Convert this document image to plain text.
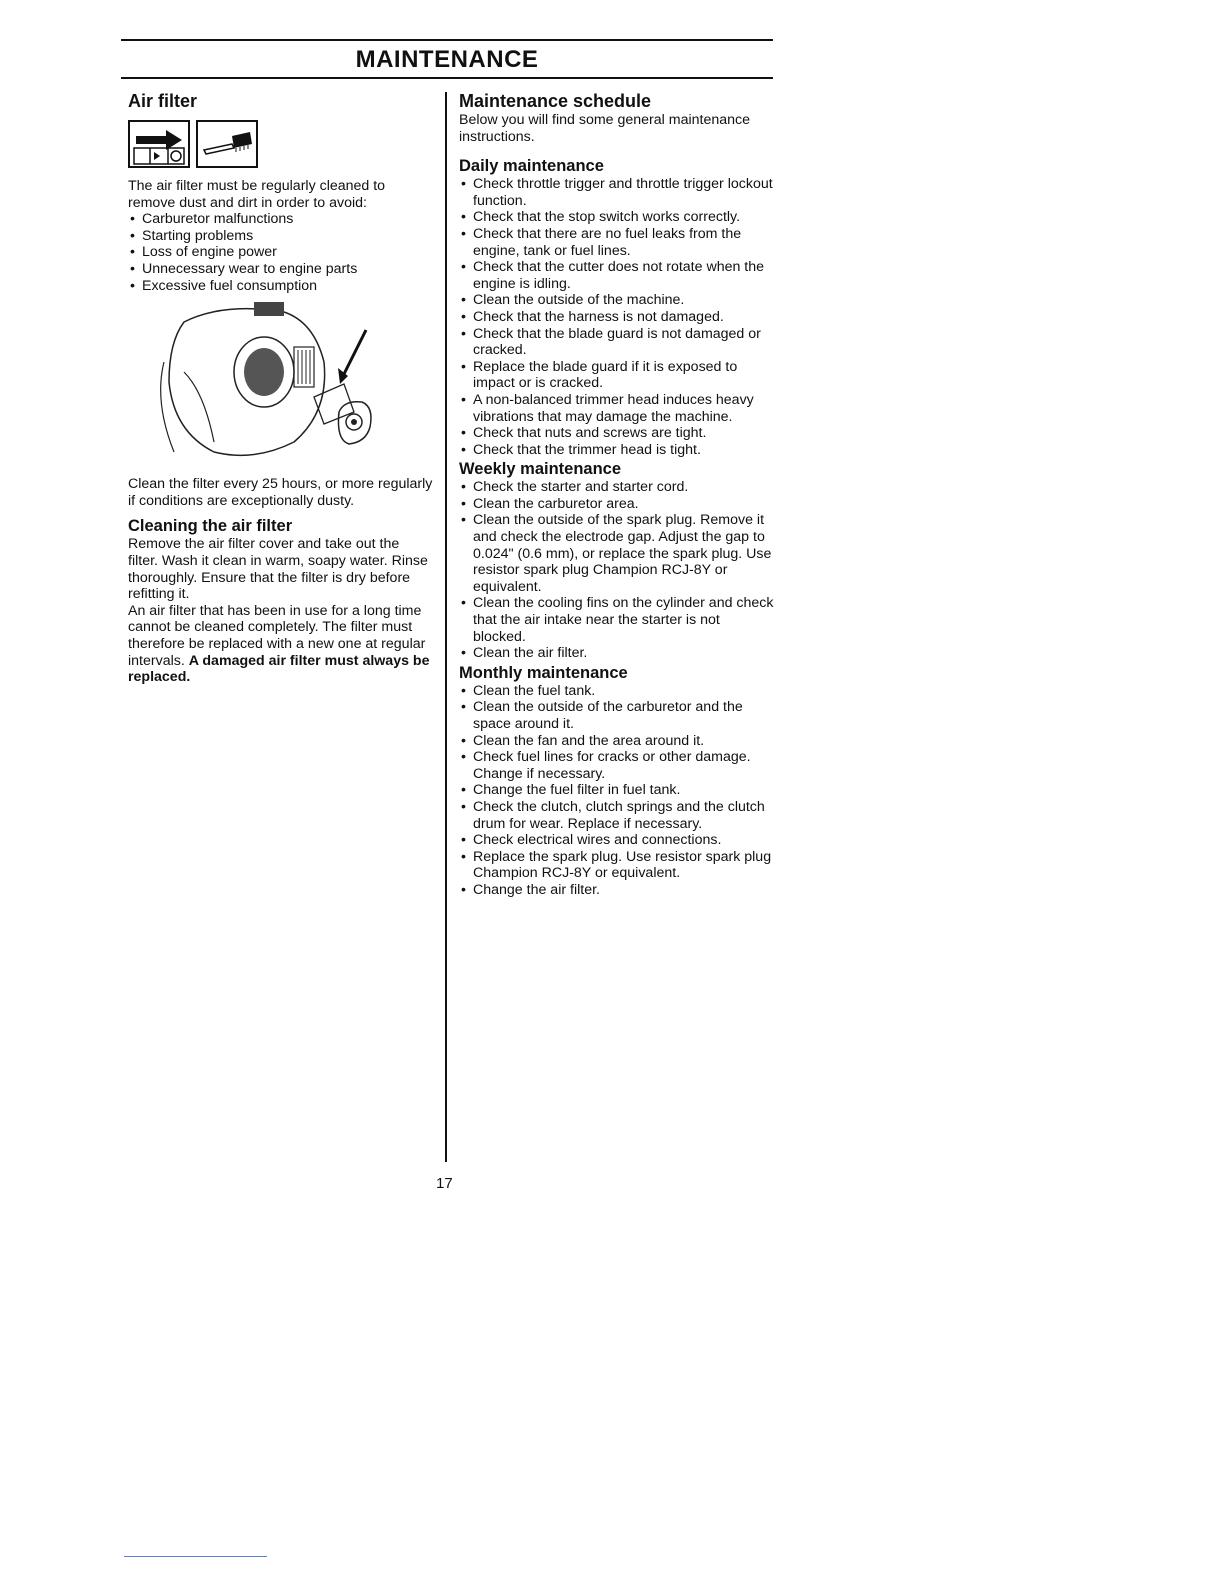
MAINTENANCE
Air filter

The air filter must be regularly cleaned to remove dust and dirt in order to avoid:

• Carburetor malfunctions
• Starting problems
• Loss of engine power
• Unnecessary wear to engine parts
• Excessive fuel consumption

Clean the filter every 25 hours, or more regularly if conditions are exceptionally dusty.

Cleaning the air filter

Remove the air filter cover and take out the filter. Wash it clean in warm, soapy water. Rinse thoroughly. Ensure that the filter is dry before refitting it.

An air filter that has been in use for a long time cannot be cleaned completely. The filter must therefore be replaced with a new one at regular intervals. A damaged air filter must always be replaced.

Maintenance schedule

Below you will find some general maintenance instructions.

Daily maintenance
• Check throttle trigger and throttle trigger lockout function.
• Check that the stop switch works correctly.
• Check that there are no fuel leaks from the engine, tank or fuel lines.
• Check that the cutter does not rotate when the engine is idling.
• Clean the outside of the machine.
• Check that the harness is not damaged.
• Check that the blade guard is not damaged or cracked.
• Replace the blade guard if it is exposed to impact or is cracked.
• A non-balanced trimmer head induces heavy vibrations that may damage the machine.
• Check that nuts and screws are tight.
• Check that the trimmer head is tight.
Weekly maintenance
• Check the starter and starter cord.
• Clean the carburetor area.
• Clean the outside of the spark plug. Remove it and check the electrode gap. Adjust the gap to 0.024" (0.6 mm), or replace the spark plug. Use resistor spark plug Champion RCJ-8Y or equivalent.
• Clean the cooling fins on the cylinder and check that the air intake near the starter is not blocked.
• Clean the air filter.
Monthly maintenance
• Clean the fuel tank.
• Clean the outside of the carburetor and the space around it.
• Clean the fan and the area around it.
• Check fuel lines for cracks or other damage. Change if necessary.
• Change the fuel filter in fuel tank.
• Check the clutch, clutch springs and the clutch drum for wear. Replace if necessary.
• Check electrical wires and connections.
• Replace the spark plug. Use resistor spark plug Champion RCJ-8Y or equivalent.
• Change the air filter.
17
